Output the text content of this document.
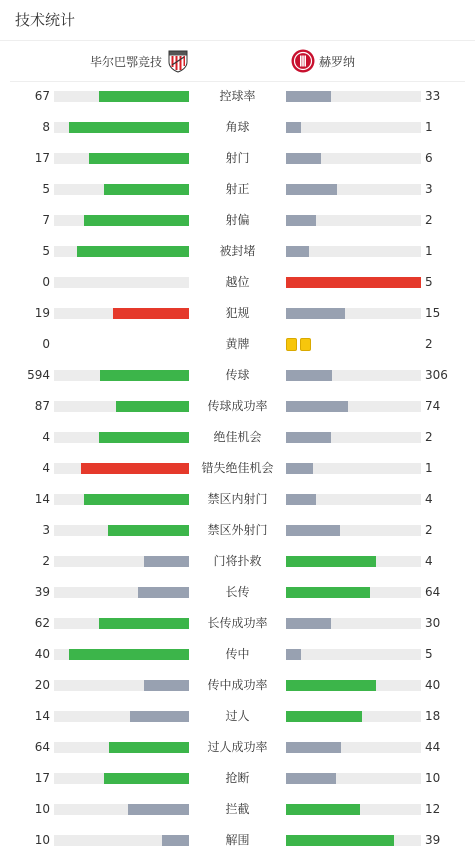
技术统计
毕尔巴鄂竞技	赫罗纳
67	控球率	33
8	角球	1
17	射门	6
5	射正	3
7	射偏	2
5	被封堵	1
0	越位	5
19	犯规	15
0	黄牌	2
594	传球	306
87	传球成功率	74
4	绝佳机会	2
4	错失绝佳机会	1
14	禁区内射门	4
3	禁区外射门	2
2	门将扑救	4
39	长传	64
62	长传成功率	30
40	传中	5
20	传中成功率	40
14	过人	18
64	过人成功率	44
17	抢断	10
10	拦截	12
10	解围	39
